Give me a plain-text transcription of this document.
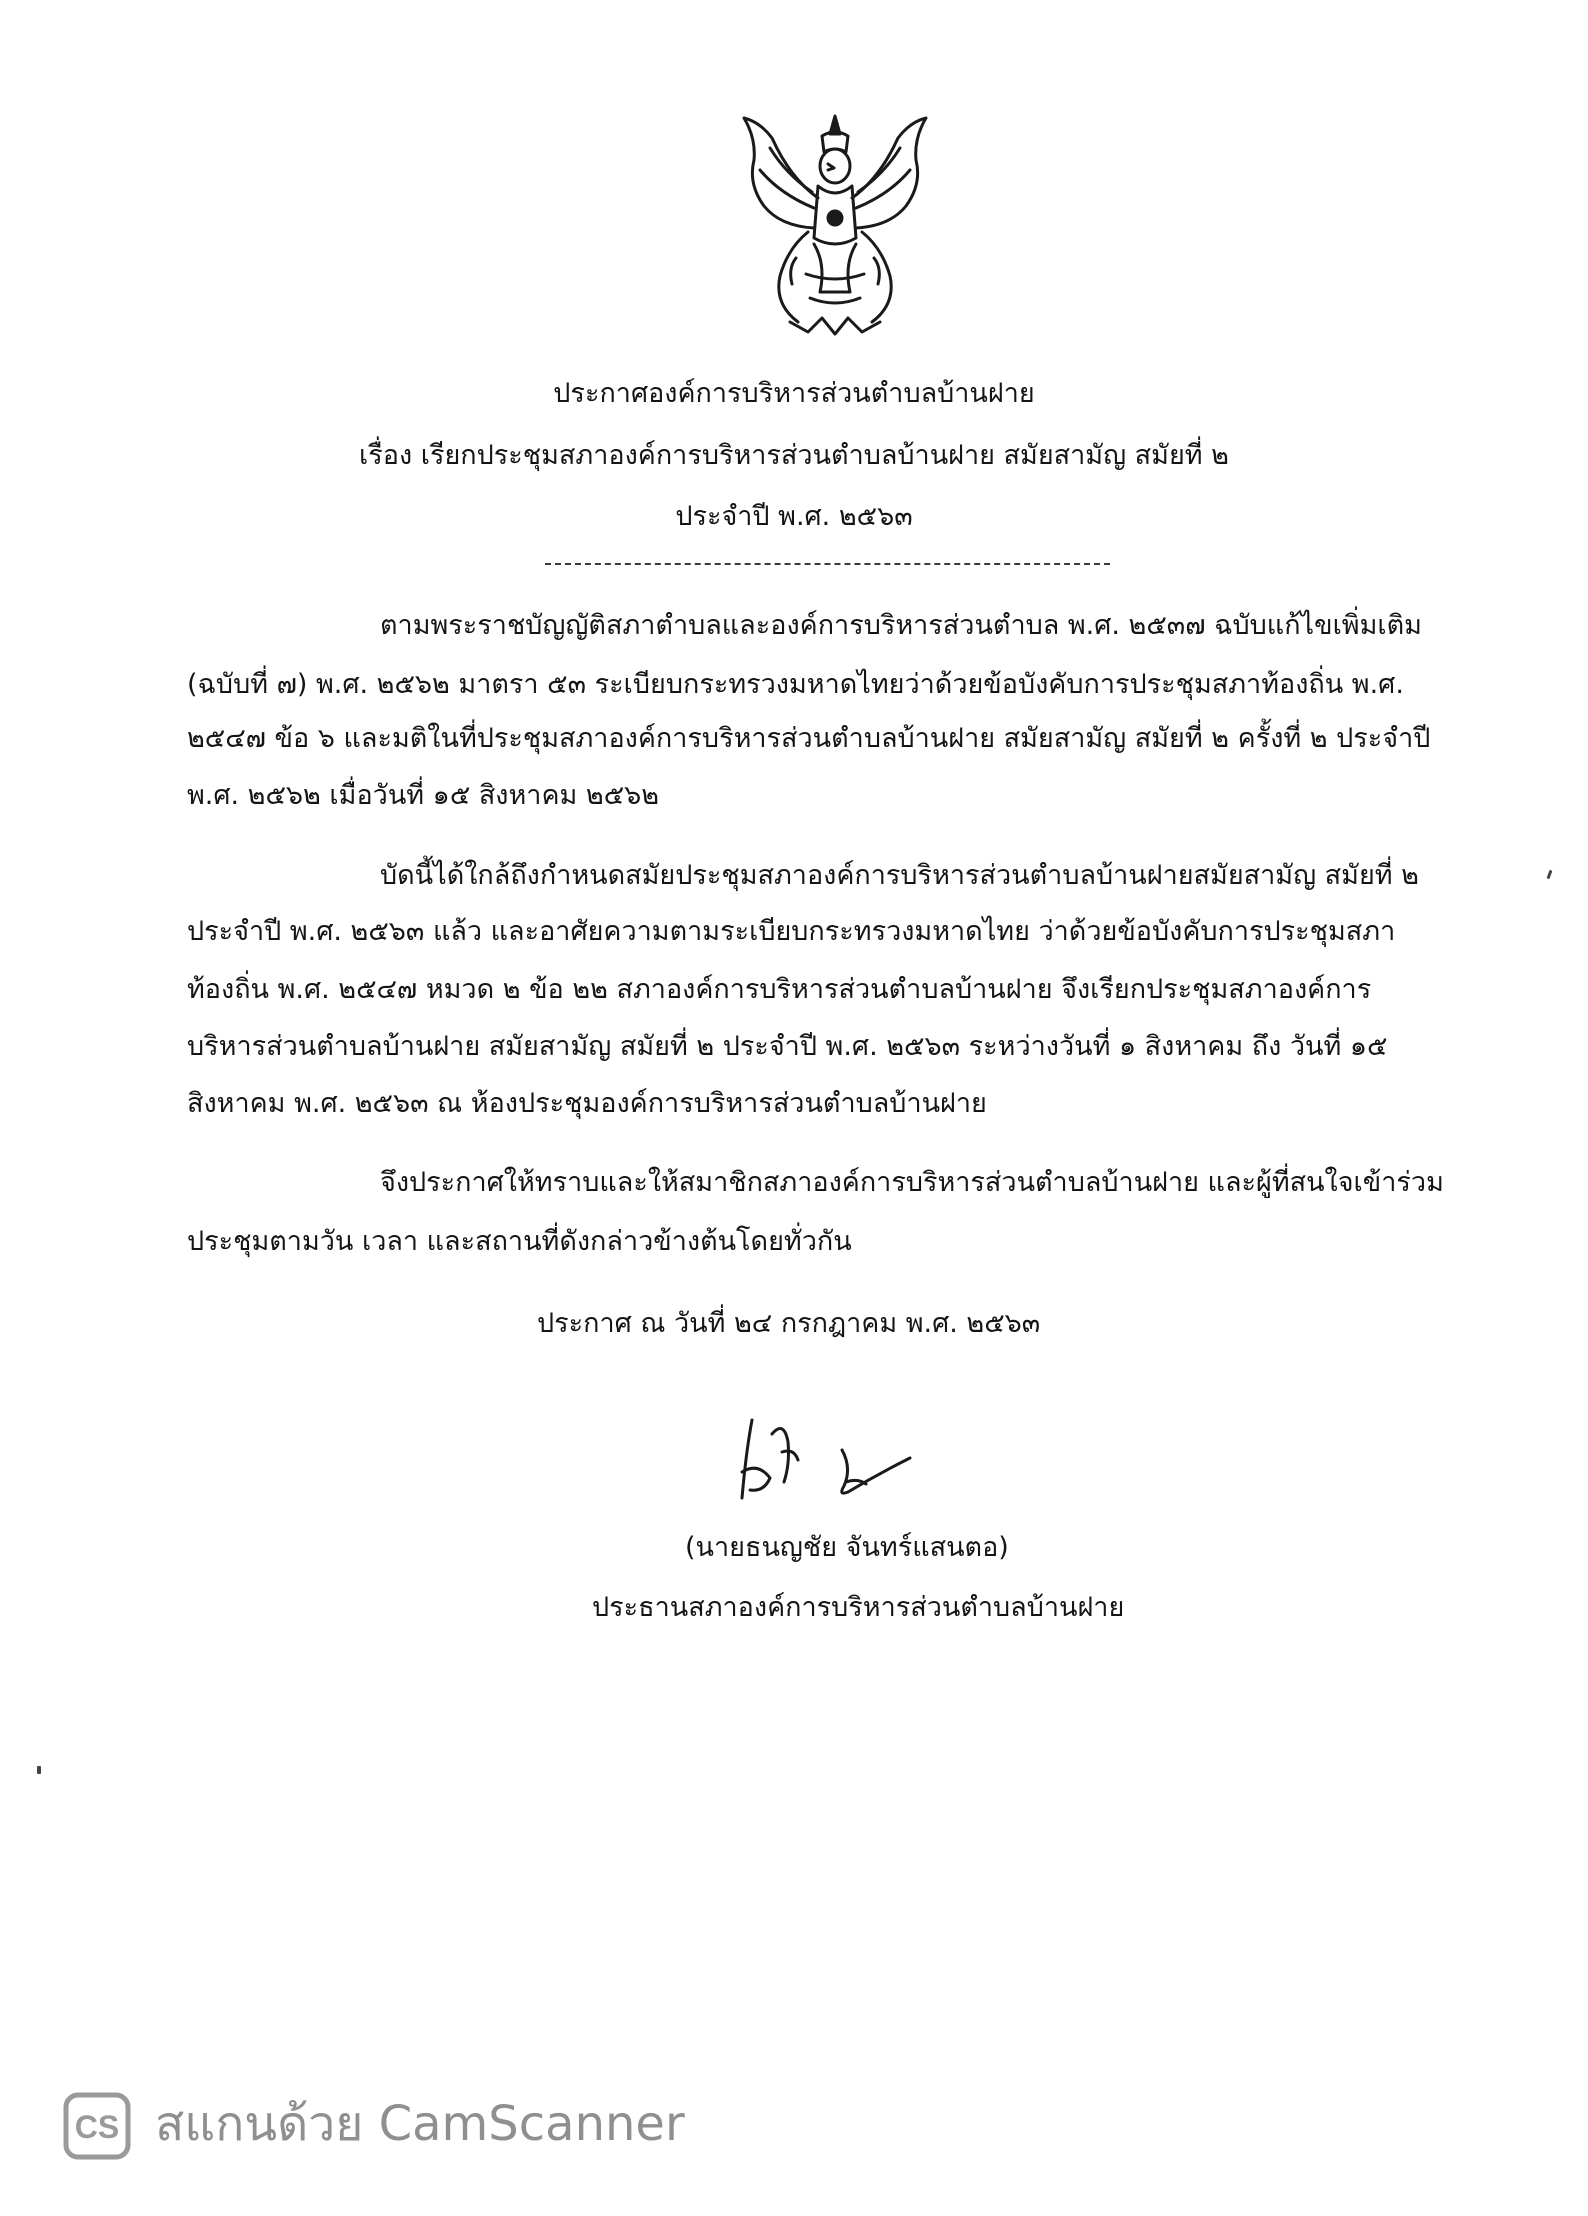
ประกาศองค์การบริหารส่วนตำบลบ้านฝาย
เรื่อง เรียกประชุมสภาองค์การบริหารส่วนตำบลบ้านฝาย สมัยสามัญ สมัยที่ ๒
ประจำปี พ.ศ. ๒๕๖๓
ตามพระราชบัญญัติสภาตำบลและองค์การบริหารส่วนตำบล พ.ศ. ๒๕๓๗ ฉบับแก้ไขเพิ่มเติม
(ฉบับที่ ๗) พ.ศ. ๒๕๖๒ มาตรา ๕๓ ระเบียบกระทรวงมหาดไทยว่าด้วยข้อบังคับการประชุมสภาท้องถิ่น พ.ศ.
๒๕๔๗ ข้อ ๖ และมติในที่ประชุมสภาองค์การบริหารส่วนตำบลบ้านฝาย สมัยสามัญ สมัยที่ ๒ ครั้งที่ ๒ ประจำปี
พ.ศ. ๒๕๖๒ เมื่อวันที่ ๑๕ สิงหาคม ๒๕๖๒
บัดนี้ได้ใกล้ถึงกำหนดสมัยประชุมสภาองค์การบริหารส่วนตำบลบ้านฝายสมัยสามัญ สมัยที่ ๒
ประจำปี พ.ศ. ๒๕๖๓ แล้ว และอาศัยความตามระเบียบกระทรวงมหาดไทย ว่าด้วยข้อบังคับการประชุมสภา
ท้องถิ่น พ.ศ. ๒๕๔๗ หมวด ๒ ข้อ ๒๒ สภาองค์การบริหารส่วนตำบลบ้านฝาย จึงเรียกประชุมสภาองค์การ
บริหารส่วนตำบลบ้านฝาย สมัยสามัญ สมัยที่ ๒ ประจำปี พ.ศ. ๒๕๖๓ ระหว่างวันที่ ๑ สิงหาคม ถึง วันที่ ๑๕
สิงหาคม พ.ศ. ๒๕๖๓ ณ ห้องประชุมองค์การบริหารส่วนตำบลบ้านฝาย
จึงประกาศให้ทราบและให้สมาชิกสภาองค์การบริหารส่วนตำบลบ้านฝาย และผู้ที่สนใจเข้าร่วม
ประชุมตามวัน เวลา และสถานที่ดังกล่าวข้างต้นโดยทั่วกัน
ประกาศ ณ วันที่ ๒๔ กรกฎาคม พ.ศ. ๒๕๖๓
(นายธนญชัย จันทร์แสนตอ)
ประธานสภาองค์การบริหารส่วนตำบลบ้านฝาย
CS สแกนด้วย CamScanner
